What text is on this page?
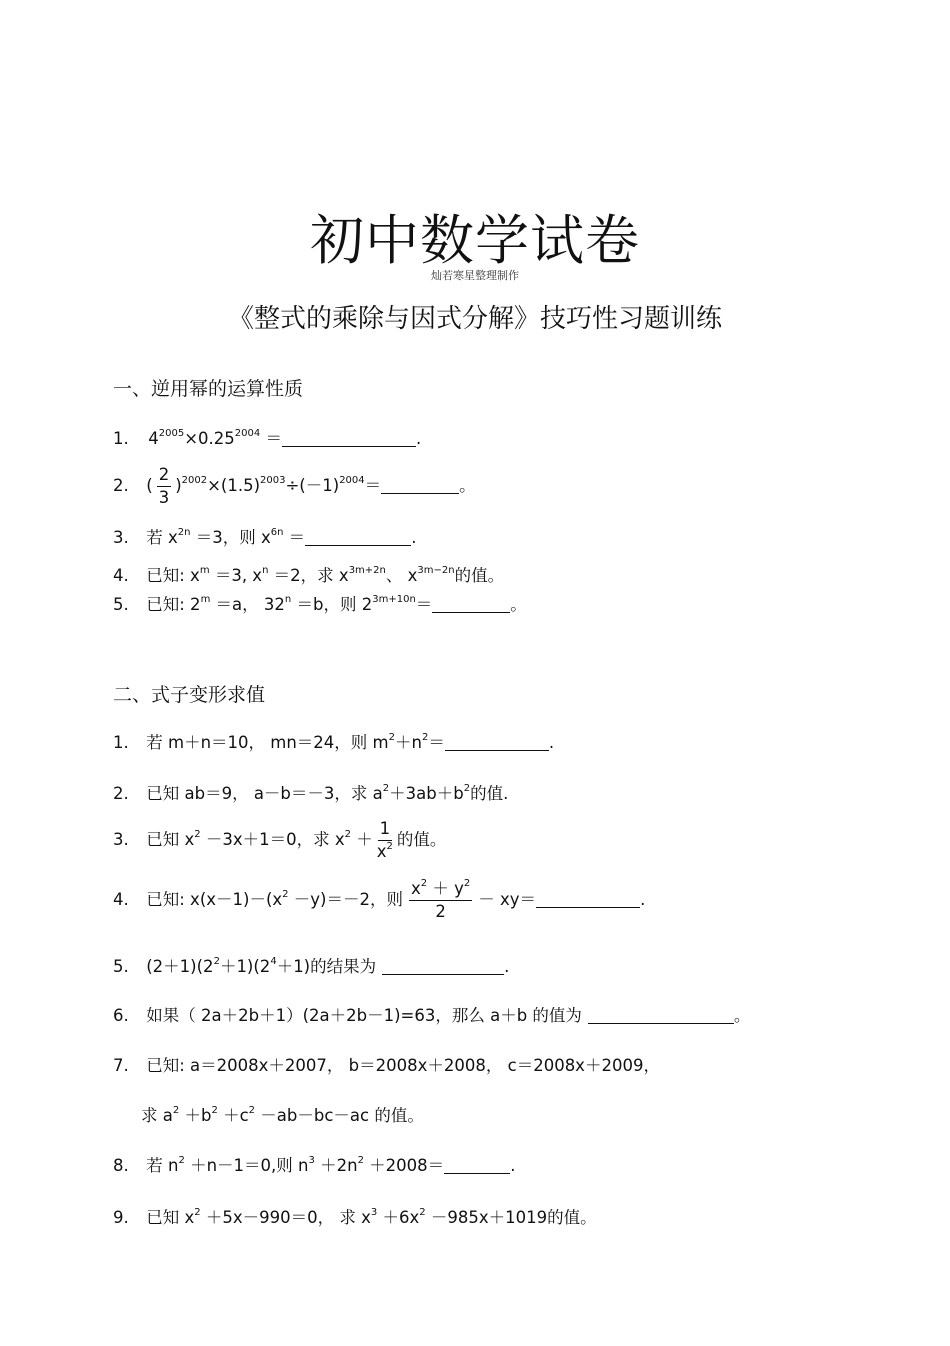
初中数学试卷
灿若寒星整理制作
《整式的乘除与因式分解》技巧性习题训练
一、逆用幂的运算性质
1. $4^{2005}\times 0.25^{2004}$ ＝	.
2. ( $\frac{2}{3} )^{2002}\times(1.5)^{2003}\div(-1)^{2004}=$	。
3. 若 $x^{2n} =3$，则 $x^{6n}$ ＝	.
4. 已知: $x^m =3$, $x^n =2$，求 $x^{3m+2n}$、 $x^{3m-2n}$的值。
5. 已知: $2^m =a$， $32^n =b$，则 $2^{3m+10n}=$	。
二、式子变形求值
1. 若 m＋n＝10， mn＝24，则 $m^2+n^2=$	.
2. 已知 ab＝9， a－b＝－3，求 $a^2+3ab+b^2$的值.
3. 已知 $x^2 -3x+1=0$，求 $x^2 + \frac{1}{x^2}$ 的值。
4. 已知: $x(x-1)-(x^2 -y)=-2$，则 $\frac{x^2 + y^2}{2} - xy=$	.
5. $(2+1)(2^2+1)(2^4+1)$的结果为	.
6. 如果（ 2a＋2b＋1）(2a＋2b－1)=63，那么 a＋b 的值为	。
7. 已知: a＝2008x＋2007， b＝2008x＋2008， c＝2008x＋2009，
求 $a^2 +b^2 +c^2 -ab-bc-ac$ 的值。
8. 若 $n^2 +n-1=0$,则 $n^3 +2n^2 +2008=$	.
9. 已知 $x^2 +5x-990=0$， 求 $x^3 +6x^2 -985x+1019$的值。
